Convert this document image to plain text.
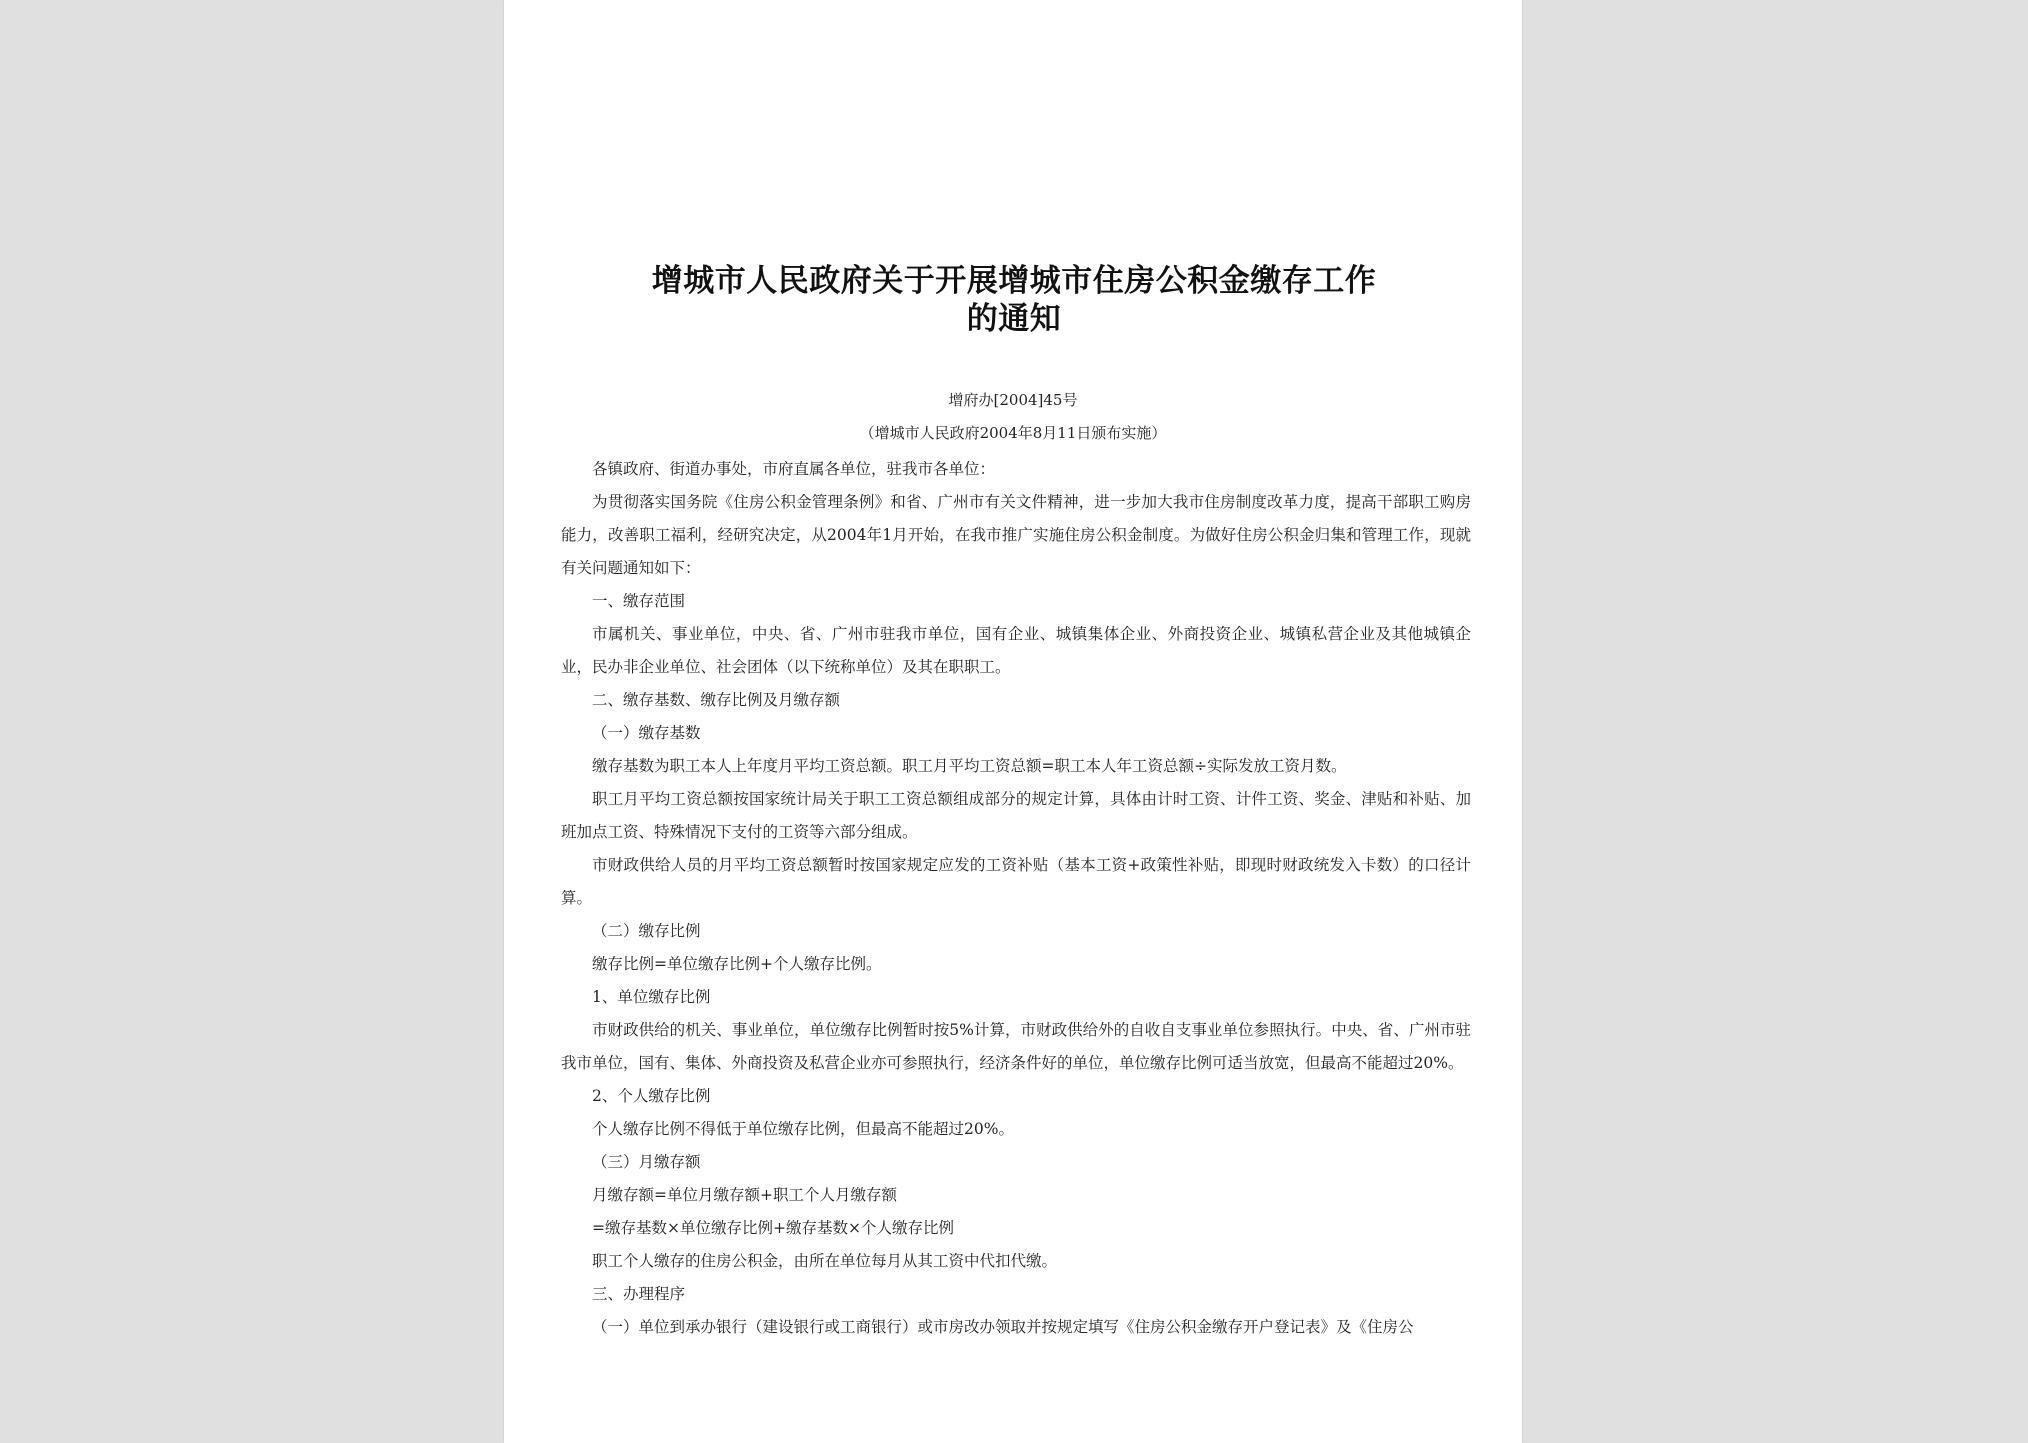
增城市人民政府关于开展增城市住房公积金缴存工作
的通知
增府办[2004]45号
（增城市人民政府2004年8月11日颁布实施）

各镇政府、街道办事处，市府直属各单位，驻我市各单位：

为贯彻落实国务院《住房公积金管理条例》和省、广州市有关文件精神，进一步加大我市住房制度改革力度，提高干部职工购房能力，改善职工福利，经研究决定，从2004年1月开始，在我市推广实施住房公积金制度。为做好住房公积金归集和管理工作，现就有关问题通知如下：

一、缴存范围

市属机关、事业单位，中央、省、广州市驻我市单位，国有企业、城镇集体企业、外商投资企业、城镇私营企业及其他城镇企业，民办非企业单位、社会团体（以下统称单位）及其在职职工。

二、缴存基数、缴存比例及月缴存额

（一）缴存基数

缴存基数为职工本人上年度月平均工资总额。职工月平均工资总额=职工本人年工资总额÷实际发放工资月数。

职工月平均工资总额按国家统计局关于职工工资总额组成部分的规定计算，具体由计时工资、计件工资、奖金、津贴和补贴、加班加点工资、特殊情况下支付的工资等六部分组成。

市财政供给人员的月平均工资总额暂时按国家规定应发的工资补贴（基本工资+政策性补贴，即现时财政统发入卡数）的口径计算。

（二）缴存比例

缴存比例=单位缴存比例+个人缴存比例。

1、单位缴存比例

市财政供给的机关、事业单位，单位缴存比例暂时按5%计算，市财政供给外的自收自支事业单位参照执行。中央、省、广州市驻我市单位，国有、集体、外商投资及私营企业亦可参照执行，经济条件好的单位，单位缴存比例可适当放宽，但最高不能超过20%。

2、个人缴存比例

个人缴存比例不得低于单位缴存比例，但最高不能超过20%。

（三）月缴存额

月缴存额=单位月缴存额+职工个人月缴存额

=缴存基数×单位缴存比例+缴存基数×个人缴存比例

职工个人缴存的住房公积金，由所在单位每月从其工资中代扣代缴。

三、办理程序

（一）单位到承办银行（建设银行或工商银行）或市房改办领取并按规定填写《住房公积金缴存开户登记表》及《住房公
